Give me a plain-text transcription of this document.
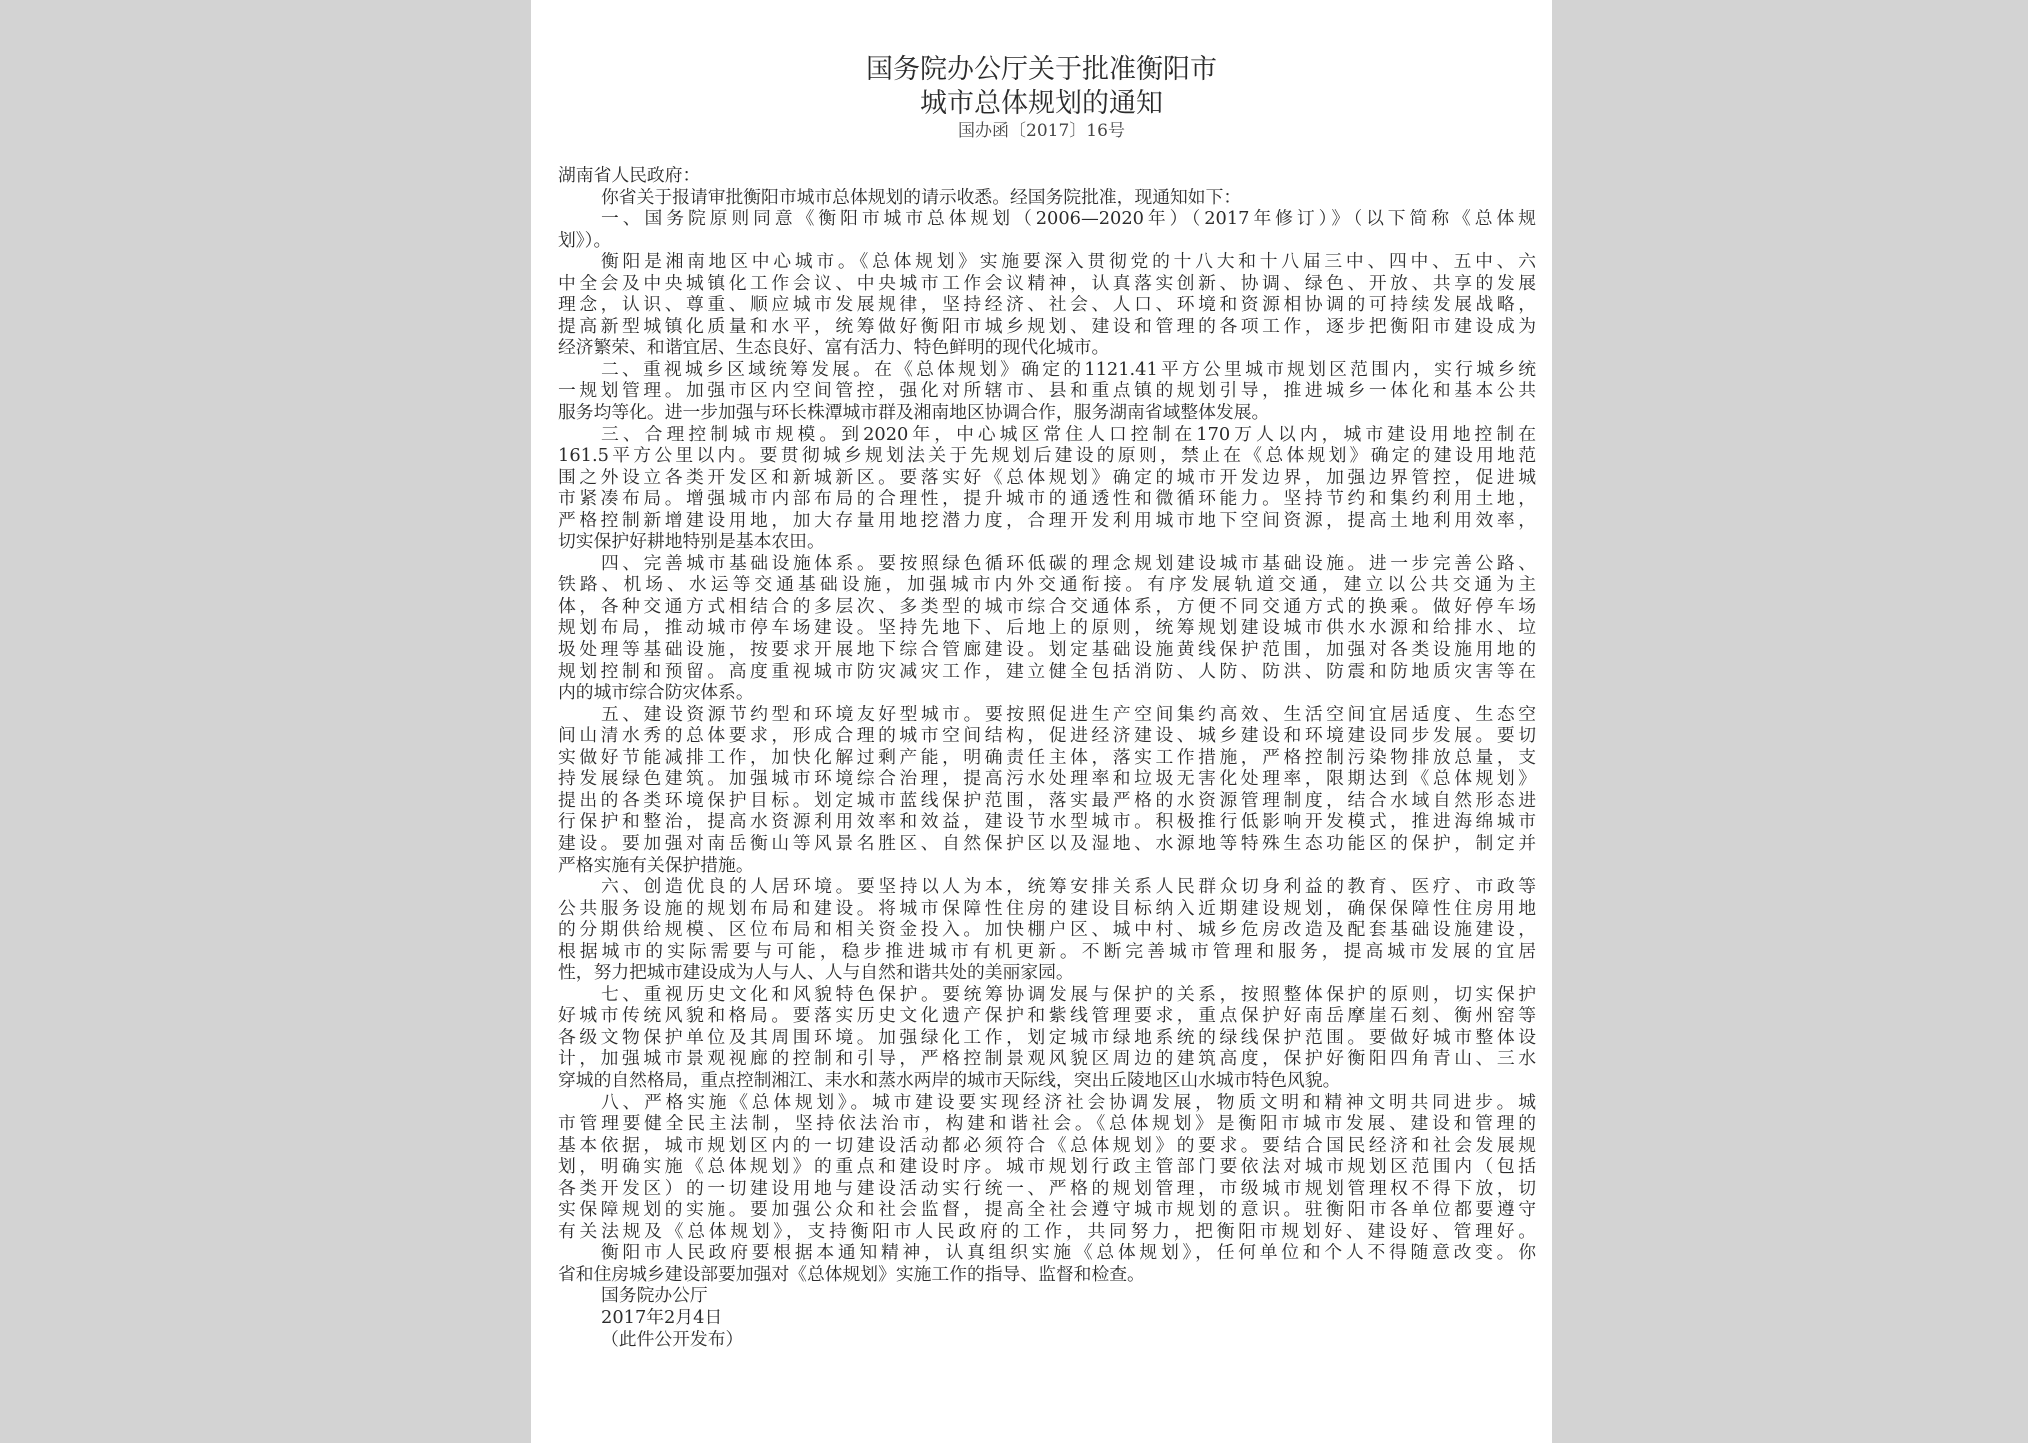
国务院办公厅关于批准衡阳市
城市总体规划的通知
国办函〔2017〕16号
湖南省人民政府：
你省关于报请审批衡阳市城市总体规划的请示收悉。经国务院批准，现通知如下：
一、国务院原则同意《衡阳市城市总体规划（2006—2020年）（2017年修订）》（以下简称《总体规
划》）。
衡阳是湘南地区中心城市。《总体规划》实施要深入贯彻党的十八大和十八届三中、四中、五中、六
中全会及中央城镇化工作会议、中央城市工作会议精神，认真落实创新、协调、绿色、开放、共享的发展
理念，认识、尊重、顺应城市发展规律，坚持经济、社会、人口、环境和资源相协调的可持续发展战略，
提高新型城镇化质量和水平，统筹做好衡阳市城乡规划、建设和管理的各项工作，逐步把衡阳市建设成为
经济繁荣、和谐宜居、生态良好、富有活力、特色鲜明的现代化城市。
二、重视城乡区域统筹发展。在《总体规划》确定的1121.41平方公里城市规划区范围内，实行城乡统
一规划管理。加强市区内空间管控，强化对所辖市、县和重点镇的规划引导，推进城乡一体化和基本公共
服务均等化。进一步加强与环长株潭城市群及湘南地区协调合作，服务湖南省域整体发展。
三、合理控制城市规模。到2020年，中心城区常住人口控制在170万人以内，城市建设用地控制在
161.5平方公里以内。要贯彻城乡规划法关于先规划后建设的原则，禁止在《总体规划》确定的建设用地范
围之外设立各类开发区和新城新区。要落实好《总体规划》确定的城市开发边界，加强边界管控，促进城
市紧凑布局。增强城市内部布局的合理性，提升城市的通透性和微循环能力。坚持节约和集约利用土地，
严格控制新增建设用地，加大存量用地挖潜力度，合理开发利用城市地下空间资源，提高土地利用效率，
切实保护好耕地特别是基本农田。
四、完善城市基础设施体系。要按照绿色循环低碳的理念规划建设城市基础设施。进一步完善公路、
铁路、机场、水运等交通基础设施，加强城市内外交通衔接。有序发展轨道交通，建立以公共交通为主
体，各种交通方式相结合的多层次、多类型的城市综合交通体系，方便不同交通方式的换乘。做好停车场
规划布局，推动城市停车场建设。坚持先地下、后地上的原则，统筹规划建设城市供水水源和给排水、垃
圾处理等基础设施，按要求开展地下综合管廊建设。划定基础设施黄线保护范围，加强对各类设施用地的
规划控制和预留。高度重视城市防灾减灾工作，建立健全包括消防、人防、防洪、防震和防地质灾害等在
内的城市综合防灾体系。
五、建设资源节约型和环境友好型城市。要按照促进生产空间集约高效、生活空间宜居适度、生态空
间山清水秀的总体要求，形成合理的城市空间结构，促进经济建设、城乡建设和环境建设同步发展。要切
实做好节能减排工作，加快化解过剩产能，明确责任主体，落实工作措施，严格控制污染物排放总量，支
持发展绿色建筑。加强城市环境综合治理，提高污水处理率和垃圾无害化处理率，限期达到《总体规划》
提出的各类环境保护目标。划定城市蓝线保护范围，落实最严格的水资源管理制度，结合水域自然形态进
行保护和整治，提高水资源利用效率和效益，建设节水型城市。积极推行低影响开发模式，推进海绵城市
建设。要加强对南岳衡山等风景名胜区、自然保护区以及湿地、水源地等特殊生态功能区的保护，制定并
严格实施有关保护措施。
六、创造优良的人居环境。要坚持以人为本，统筹安排关系人民群众切身利益的教育、医疗、市政等
公共服务设施的规划布局和建设。将城市保障性住房的建设目标纳入近期建设规划，确保保障性住房用地
的分期供给规模、区位布局和相关资金投入。加快棚户区、城中村、城乡危房改造及配套基础设施建设，
根据城市的实际需要与可能，稳步推进城市有机更新。不断完善城市管理和服务，提高城市发展的宜居
性，努力把城市建设成为人与人、人与自然和谐共处的美丽家园。
七、重视历史文化和风貌特色保护。要统筹协调发展与保护的关系，按照整体保护的原则，切实保护
好城市传统风貌和格局。要落实历史文化遗产保护和紫线管理要求，重点保护好南岳摩崖石刻、衡州窑等
各级文物保护单位及其周围环境。加强绿化工作，划定城市绿地系统的绿线保护范围。要做好城市整体设
计，加强城市景观视廊的控制和引导，严格控制景观风貌区周边的建筑高度，保护好衡阳四角青山、三水
穿城的自然格局，重点控制湘江、耒水和蒸水两岸的城市天际线，突出丘陵地区山水城市特色风貌。
八、严格实施《总体规划》。城市建设要实现经济社会协调发展，物质文明和精神文明共同进步。城
市管理要健全民主法制，坚持依法治市，构建和谐社会。《总体规划》是衡阳市城市发展、建设和管理的
基本依据，城市规划区内的一切建设活动都必须符合《总体规划》的要求。要结合国民经济和社会发展规
划，明确实施《总体规划》的重点和建设时序。城市规划行政主管部门要依法对城市规划区范围内（包括
各类开发区）的一切建设用地与建设活动实行统一、严格的规划管理，市级城市规划管理权不得下放，切
实保障规划的实施。要加强公众和社会监督，提高全社会遵守城市规划的意识。驻衡阳市各单位都要遵守
有关法规及《总体规划》，支持衡阳市人民政府的工作，共同努力，把衡阳市规划好、建设好、管理好。
衡阳市人民政府要根据本通知精神，认真组织实施《总体规划》，任何单位和个人不得随意改变。你
省和住房城乡建设部要加强对《总体规划》实施工作的指导、监督和检查。
国务院办公厅
2017年2月4日
（此件公开发布）
